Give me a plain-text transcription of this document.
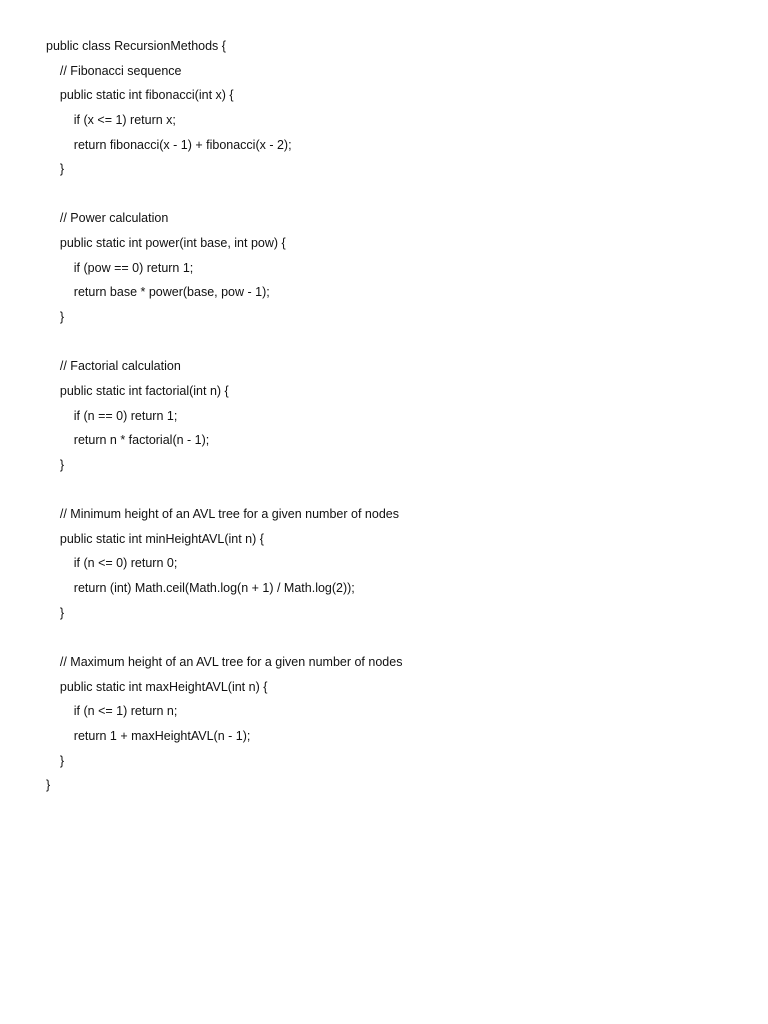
public class RecursionMethods {
// Fibonacci sequence
public static int fibonacci(int x) {
if (x <= 1) return x;
return fibonacci(x - 1) + fibonacci(x - 2);
}
// Power calculation
public static int power(int base, int pow) {
if (pow == 0) return 1;
return base * power(base, pow - 1);
}
// Factorial calculation
public static int factorial(int n) {
if (n == 0) return 1;
return n * factorial(n - 1);
}
// Minimum height of an AVL tree for a given number of nodes
public static int minHeightAVL(int n) {
if (n <= 0) return 0;
return (int) Math.ceil(Math.log(n + 1) / Math.log(2));
}
// Maximum height of an AVL tree for a given number of nodes
public static int maxHeightAVL(int n) {
if (n <= 1) return n;
return 1 + maxHeightAVL(n - 1);
}
}
